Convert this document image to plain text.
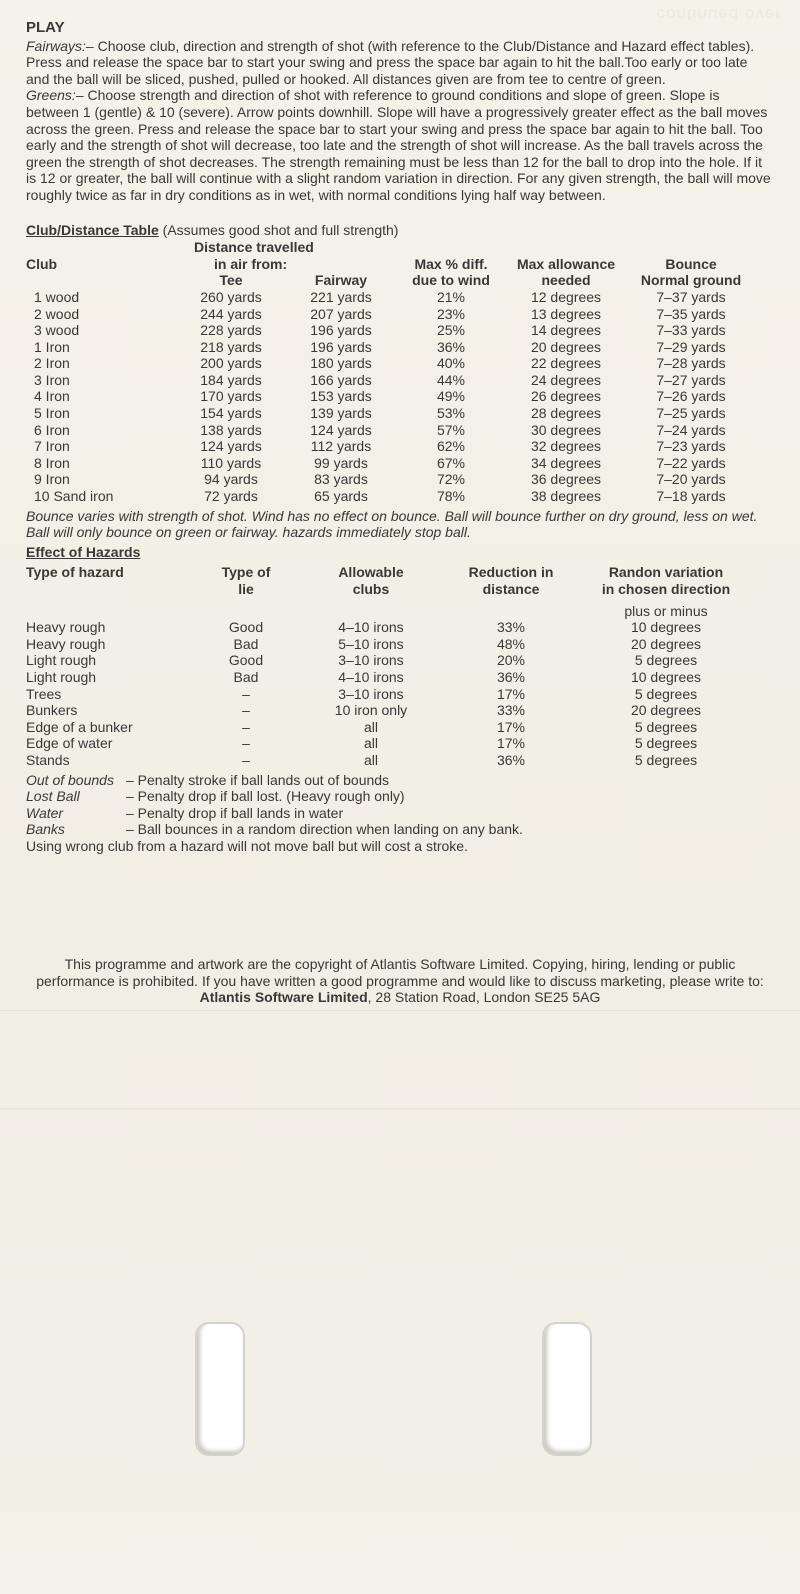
continued over
PLAY

Fairways:– Choose club, direction and strength of shot (with reference to the Club/Distance and Hazard effect tables). Press and release the space bar to start your swing and press the space bar again to hit the ball.Too early or too late and the ball will be sliced, pushed, pulled or hooked. All distances given are from tee to centre of green.

Greens:– Choose strength and direction of shot with reference to ground conditions and slope of green. Slope is between 1 (gentle) & 10 (severe). Arrow points downhill. Slope will have a progressively greater effect as the ball moves across the green. Press and release the space bar to start your swing and press the space bar again to hit the ball. Too early and the strength of shot will decrease, too late and the strength of shot will increase. As the ball travels across the green the strength of shot decreases. The strength remaining must be less than 12 for the ball to drop into the hole. If it is 12 or greater, the ball will continue with a slight random variation in direction. For any given strength, the ball will move roughly twice as far in dry conditions as in wet, with normal conditions lying half way between.

Club/Distance Table (Assumes good shot and full strength)
	Distance travelled				
Club	in air from:		Max % diff.	Max allowance	Bounce
	Tee	Fairway	due to wind	needed	Normal ground
1 wood	260 yards	221 yards	21%	12 degrees	7–37 yards
2 wood	244 yards	207 yards	23%	13 degrees	7–35 yards
3 wood	228 yards	196 yards	25%	14 degrees	7–33 yards
1 Iron	218 yards	196 yards	36%	20 degrees	7–29 yards
2 Iron	200 yards	180 yards	40%	22 degrees	7–28 yards
3 Iron	184 yards	166 yards	44%	24 degrees	7–27 yards
4 Iron	170 yards	153 yards	49%	26 degrees	7–26 yards
5 Iron	154 yards	139 yards	53%	28 degrees	7–25 yards
6 Iron	138 yards	124 yards	57%	30 degrees	7–24 yards
7 Iron	124 yards	112 yards	62%	32 degrees	7–23 yards
8 Iron	110 yards	99 yards	67%	34 degrees	7–22 yards
9 Iron	94 yards	83 yards	72%	36 degrees	7–20 yards
10 Sand iron	72 yards	65 yards	78%	38 degrees	7–18 yards

Bounce varies with strength of shot. Wind has no effect on bounce. Ball will bounce further on dry ground, less on wet. Ball will only bounce on green or fairway. hazards immediately stop ball.

Effect of Hazards
Type of hazard	Type of	Allowable	Reduction in	Randon variation
	lie	clubs	distance	in chosen direction
				plus or minus
Heavy rough	Good	4–10 irons	33%	10 degrees
Heavy rough	Bad	5–10 irons	48%	20 degrees
Light rough	Good	3–10 irons	20%	5 degrees
Light rough	Bad	4–10 irons	36%	10 degrees
Trees	–	3–10 irons	17%	5 degrees
Bunkers	–	10 iron only	33%	20 degrees
Edge of a bunker	–	all	17%	5 degrees
Edge of water	–	all	17%	5 degrees
Stands	–	all	36%	5 degrees
Out of bounds – Penalty stroke if ball lands out of bounds
Lost Ball	– Penalty drop if ball lost. (Heavy rough only)
Water	– Penalty drop if ball lands in water
Banks	– Ball bounces in a random direction when landing on any bank.

Using wrong club from a hazard will not move ball but will cost a stroke.

This programme and artwork are the copyright of Atlantis Software Limited. Copying, hiring, lending or public performance is prohibited. If you have written a good programme and would like to discuss marketing, please write to: Atlantis Software Limited, 28 Station Road, London SE25 5AG
